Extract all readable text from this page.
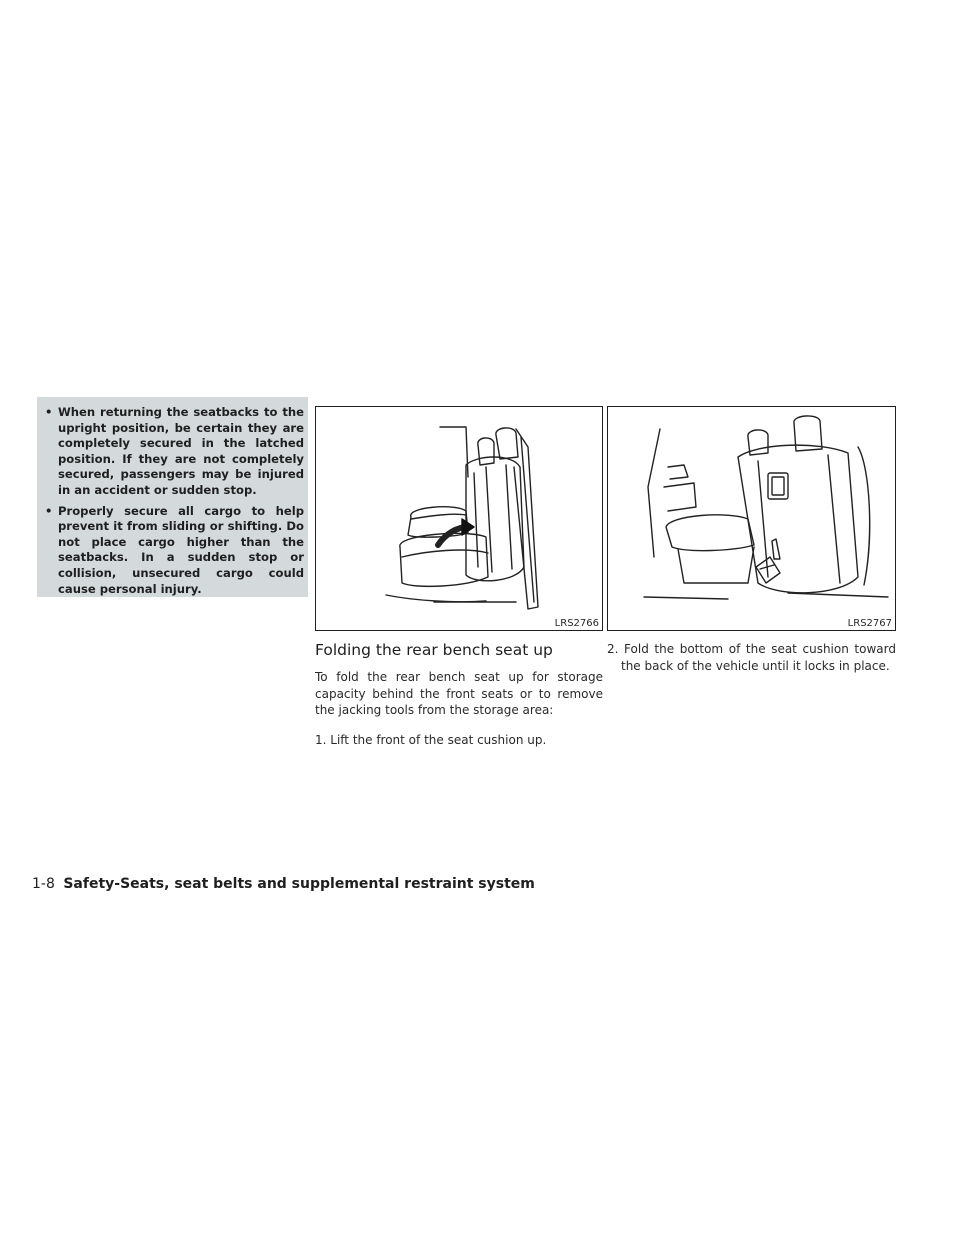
• When returning the seatbacks to the upright position, be certain they are completely secured in the latched position. If they are not completely secured, passengers may be injured in an accident or sudden stop.
• Properly secure all cargo to help prevent it from sliding or shifting. Do not place cargo higher than the seatbacks. In a sudden stop or collision, unsecured cargo could cause personal injury.
LRS2766	LRS2767
Folding the rear bench seat up

To fold the rear bench seat up for storage capacity behind the front seats or to remove the jacking tools from the storage area:

1. Lift the front of the seat cushion up.

2. Fold the bottom of the seat cushion toward the back of the vehicle until it locks in place.

1-8 Safety-Seats, seat belts and supplemental restraint system
